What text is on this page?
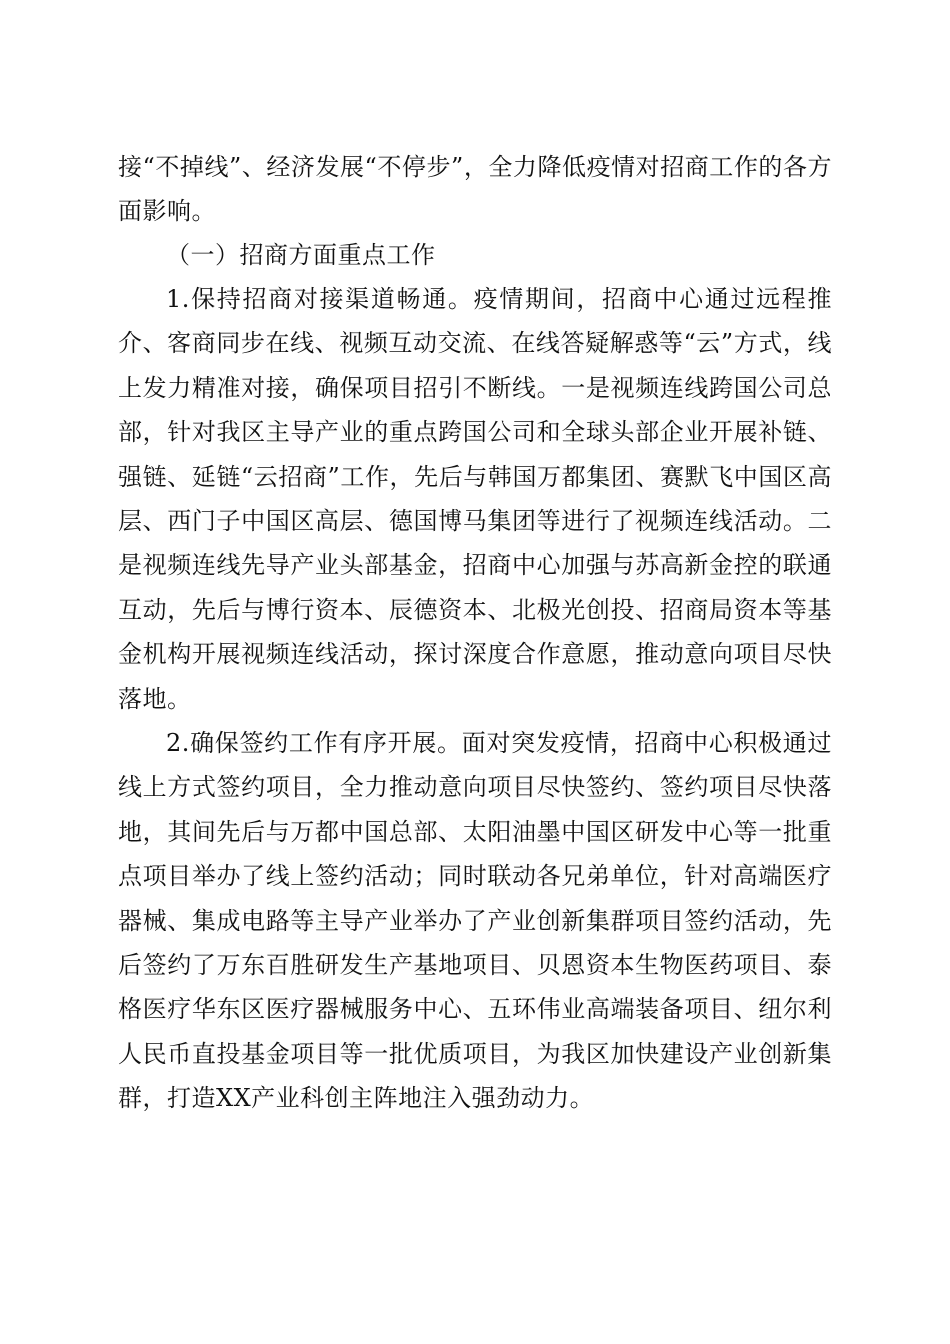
接“不掉线”、经济发展“不停步”，全力降低疫情对招商工作的各方面影响。

（一）招商方面重点工作

1.保持招商对接渠道畅通。疫情期间，招商中心通过远程推介、客商同步在线、视频互动交流、在线答疑解惑等“云”方式，线上发力精准对接，确保项目招引不断线。一是视频连线跨国公司总部，针对我区主导产业的重点跨国公司和全球头部企业开展补链、强链、延链“云招商”工作，先后与韩国万都集团、赛默飞中国区高层、西门子中国区高层、德国博马集团等进行了视频连线活动。二是视频连线先导产业头部基金，招商中心加强与苏高新金控的联通互动，先后与博行资本、辰德资本、北极光创投、招商局资本等基金机构开展视频连线活动，探讨深度合作意愿，推动意向项目尽快落地。

2.确保签约工作有序开展。面对突发疫情，招商中心积极通过线上方式签约项目，全力推动意向项目尽快签约、签约项目尽快落地，其间先后与万都中国总部、太阳油墨中国区研发中心等一批重点项目举办了线上签约活动；同时联动各兄弟单位，针对高端医疗器械、集成电路等主导产业举办了产业创新集群项目签约活动，先后签约了万东百胜研发生产基地项目、贝恩资本生物医药项目、泰格医疗华东区医疗器械服务中心、五环伟业高端装备项目、纽尔利人民币直投基金项目等一批优质项目，为我区加快建设产业创新集群，打造XX产业科创主阵地注入强劲动力。
